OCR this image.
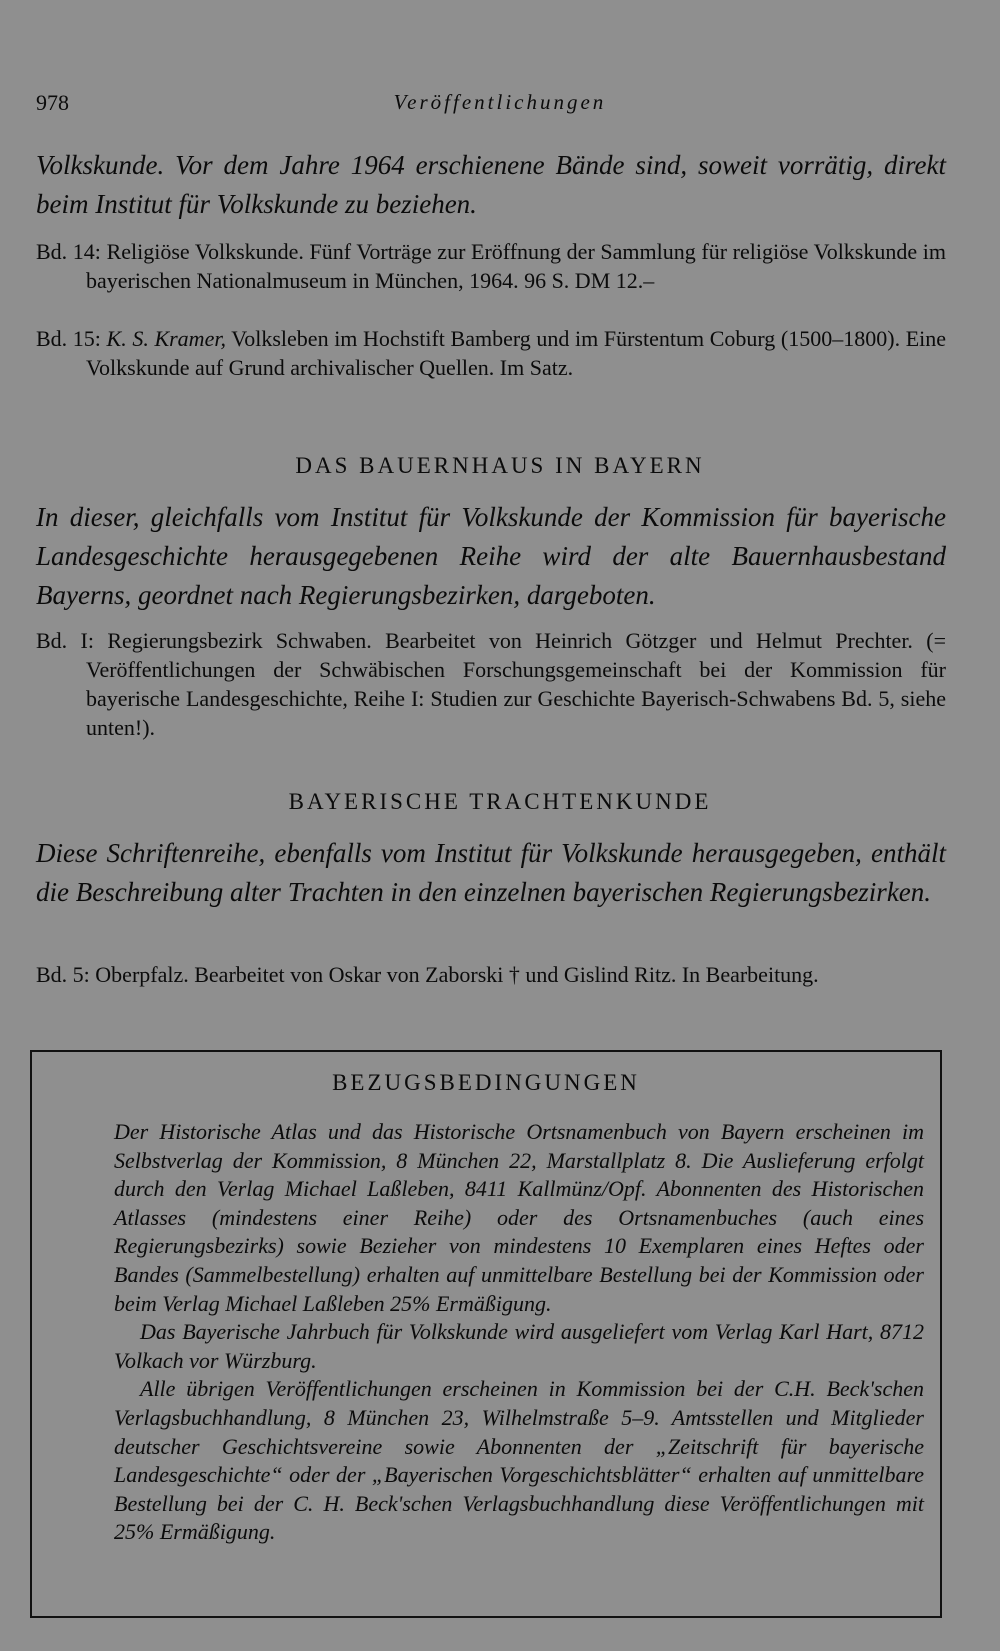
978	Veröffentlichungen

Volkskunde. Vor dem Jahre 1964 erschienene Bände sind, soweit vorrätig, direkt beim Institut für Volkskunde zu beziehen.

Bd. 14: Religiöse Volkskunde. Fünf Vorträge zur Eröffnung der Sammlung für religiöse Volkskunde im bayerischen Nationalmuseum in München, 1964. 96 S. DM 12.–

Bd. 15: K. S. Kramer, Volksleben im Hochstift Bamberg und im Fürstentum Coburg (1500–1800). Eine Volkskunde auf Grund archivalischer Quellen. Im Satz.

DAS BAUERNHAUS IN BAYERN

In dieser, gleichfalls vom Institut für Volkskunde der Kommission für bayerische Landesgeschichte herausgegebenen Reihe wird der alte Bauernhausbestand Bayerns, geordnet nach Regierungsbezirken, dargeboten.

Bd. I: Regierungsbezirk Schwaben. Bearbeitet von Heinrich Götzger und Helmut Prechter. (= Veröffentlichungen der Schwäbischen Forschungsgemeinschaft bei der Kommission für bayerische Landesgeschichte, Reihe I: Studien zur Geschichte Bayerisch-Schwabens Bd. 5, siehe unten!).

BAYERISCHE TRACHTENKUNDE

Diese Schriftenreihe, ebenfalls vom Institut für Volkskunde herausgegeben, enthält die Beschreibung alter Trachten in den einzelnen bayerischen Regierungsbezirken.

Bd. 5: Oberpfalz. Bearbeitet von Oskar von Zaborski † und Gislind Ritz. In Bearbeitung.

BEZUGSBEDINGUNGEN

Der Historische Atlas und das Historische Ortsnamenbuch von Bayern erscheinen im Selbstverlag der Kommission, 8 München 22, Marstallplatz 8. Die Auslieferung erfolgt durch den Verlag Michael Laßleben, 8411 Kallmünz/Opf. Abonnenten des Historischen Atlasses (mindestens einer Reihe) oder des Ortsnamenbuches (auch eines Regierungsbezirks) sowie Bezieher von mindestens 10 Exemplaren eines Heftes oder Bandes (Sammelbestellung) erhalten auf unmittelbare Bestellung bei der Kommission oder beim Verlag Michael Laßleben 25% Ermäßigung.

Das Bayerische Jahrbuch für Volkskunde wird ausgeliefert vom Verlag Karl Hart, 8712 Volkach vor Würzburg.

Alle übrigen Veröffentlichungen erscheinen in Kommission bei der C.H. Beck'schen Verlagsbuchhandlung, 8 München 23, Wilhelmstraße 5–9. Amtsstellen und Mitglieder deutscher Geschichtsvereine sowie Abonnenten der „Zeitschrift für bayerische Landesgeschichte“ oder der „Bayerischen Vorgeschichtsblätter“ erhalten auf unmittelbare Bestellung bei der C. H. Beck'schen Verlagsbuchhandlung diese Veröffentlichungen mit 25% Ermäßigung.
